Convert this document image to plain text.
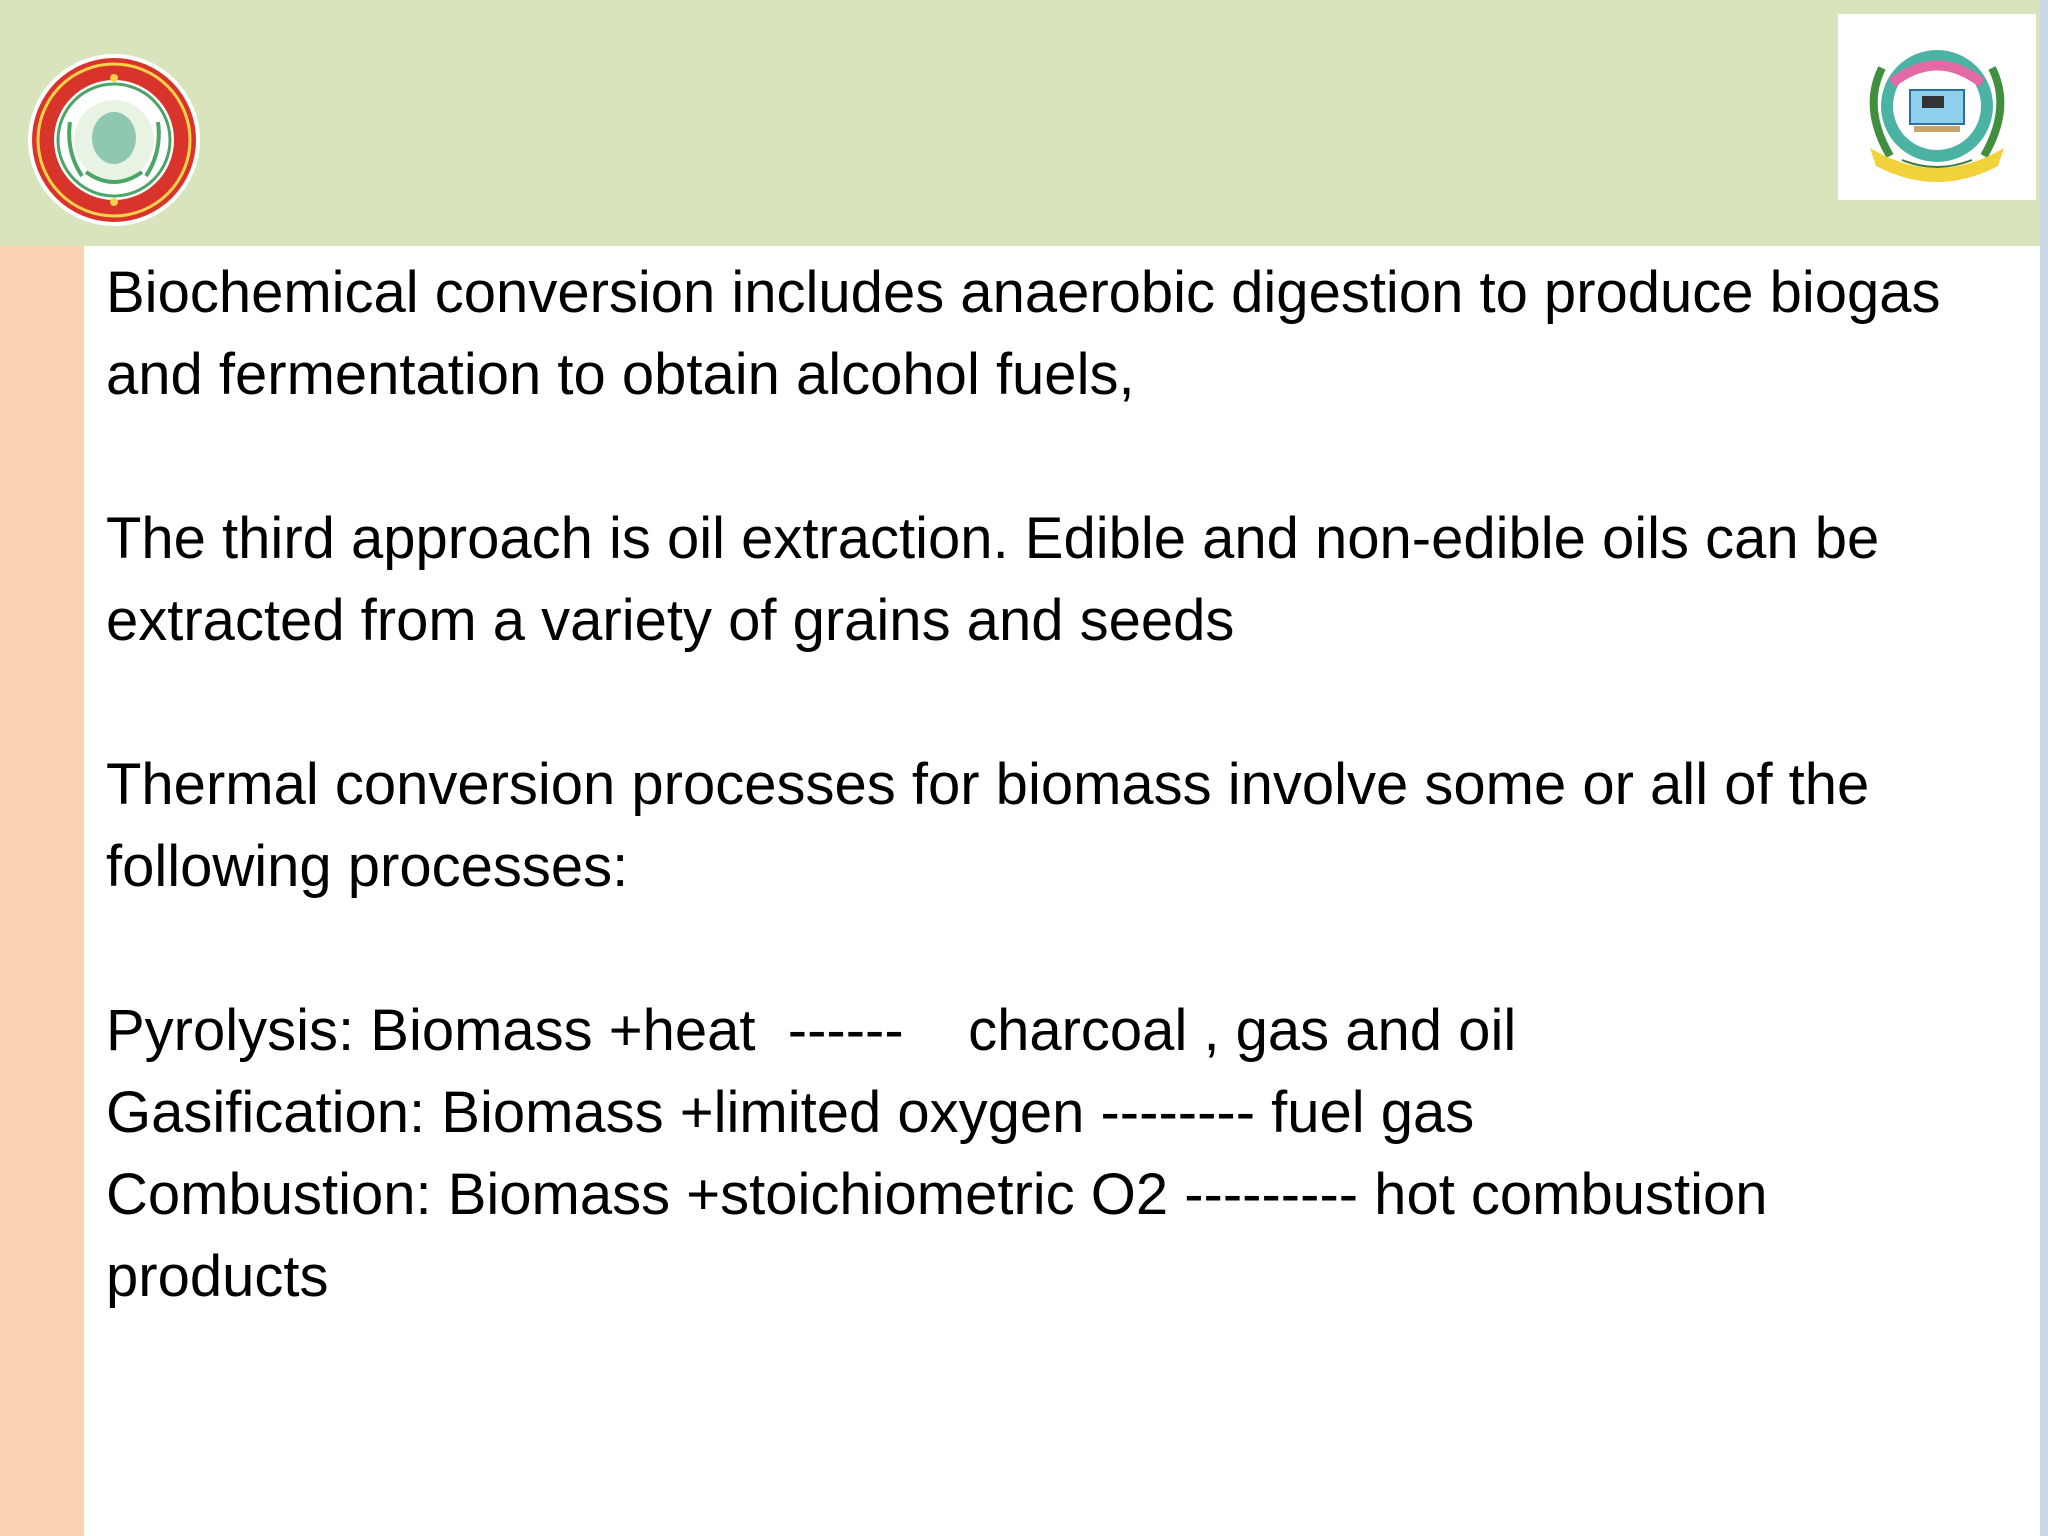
Biochemical conversion includes anaerobic digestion to produce biogas and fermentation to obtain alcohol fuels,

The third approach is oil extraction. Edible and non-edible oils can be extracted from a variety of grains and seeds

Thermal conversion processes for biomass involve some or all of the following processes:

Pyrolysis: Biomass +heat  ------    charcoal , gas and oil

Gasification: Biomass +limited oxygen -------- fuel gas

Combustion: Biomass +stoichiometric O2 --------- hot combustion products
